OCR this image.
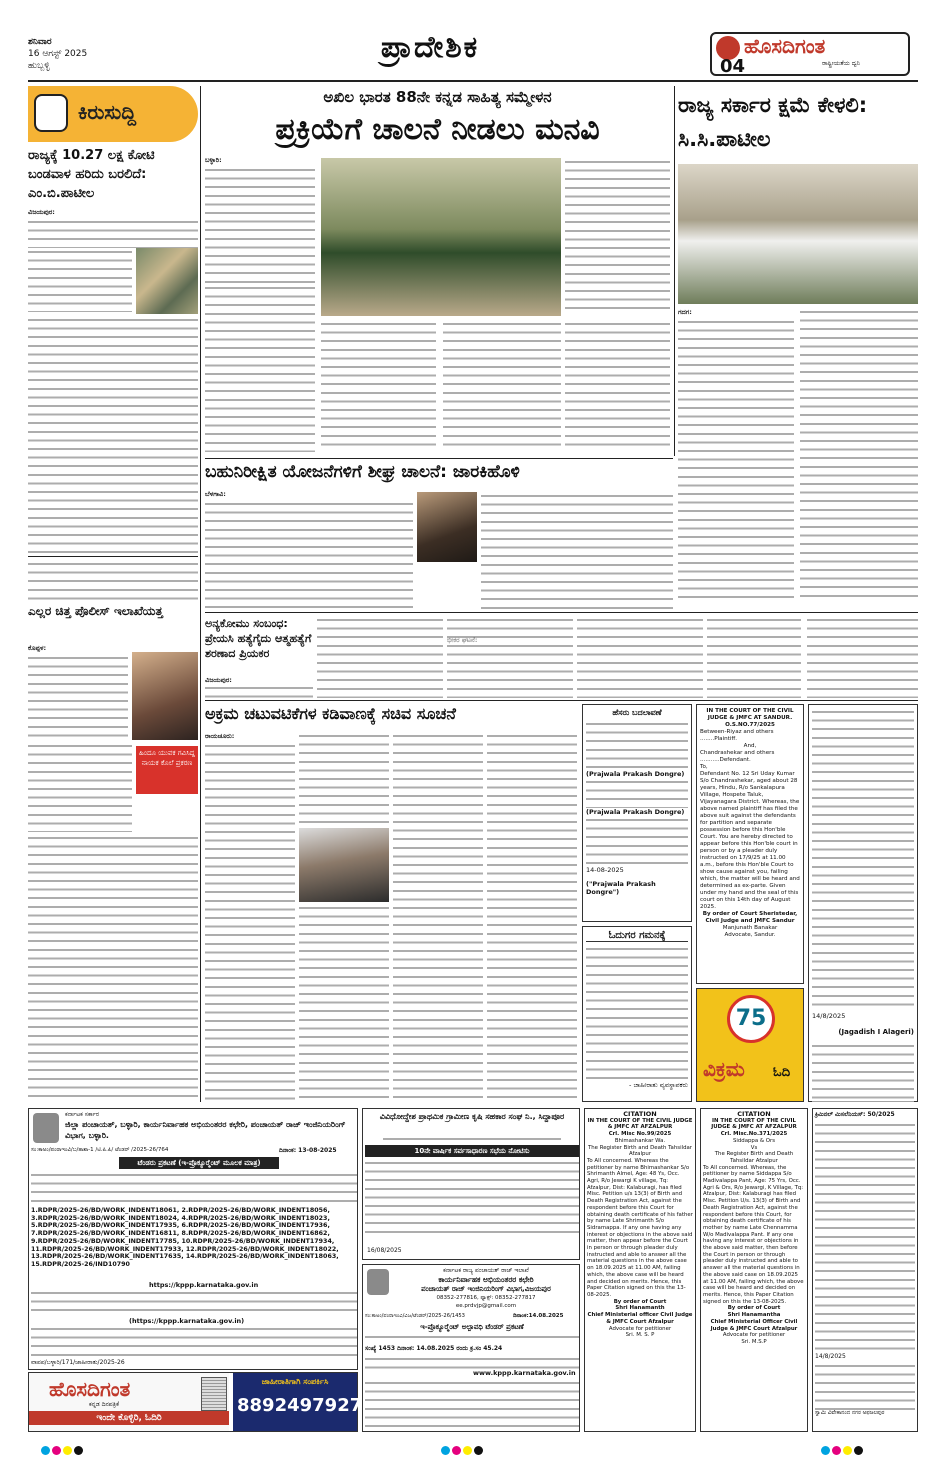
ಶನಿವಾರ
16 ಆಗಸ್ಟ್ 2025
ಹುಬ್ಬಳ್ಳಿ
ಪ್ರಾದೇಶಿಕ	ಹೊಸದಿಗಂತ
ರಾಷ್ಟ್ರೀಯತೆಯ ದ್ವನಿ
04
ಕಿರುಸುದ್ದಿ
ರಾಜ್ಯಕ್ಕೆ 10.27 ಲಕ್ಷ ಕೋಟಿ ಬಂಡವಾಳ ಹರಿದು ಬರಲಿದೆ: ಎಂ.ಬಿ.ಪಾಟೀಲ
ವಿಜಯಪುರ:
ಎಲ್ಲರ ಚಿತ್ತ ಪೊಲೀಸ್ ಇಲಾಖೆಯತ್ತ
ಕೊಪ್ಪಳ:
ಹಿಂದೂ ಯುವಕ ಗವಿಸಿದ್ದ ನಾಯಕ ಕೊಲೆ ಪ್ರಕರಣ
ಅಖಿಲ ಭಾರತ 88ನೇ ಕನ್ನಡ ಸಾಹಿತ್ಯ ಸಮ್ಮೇಳನ
ಪ್ರಕ್ರಿಯೆಗೆ ಚಾಲನೆ ನೀಡಲು ಮನವಿ
ಬಳ್ಳಾರಿ:
ರಾಜ್ಯ ಸರ್ಕಾರ ಕ್ಷಮೆ ಕೇಳಲಿ: ಸಿ.ಸಿ.ಪಾಟೀಲ
ಗದಗ:
ಬಹುನಿರೀಕ್ಷಿತ ಯೋಜನೆಗಳಿಗೆ ಶೀಘ್ರ ಚಾಲನೆ: ಜಾರಕಿಹೊಳಿ
ಬೆಳಗಾವಿ:
ಅನ್ಯಕೋಮು ಸಂಬಂಧ: ಪ್ರೇಯಸಿ ಹತ್ಯೆಗೈದು ಆತ್ಮಹತ್ಯೆಗೆ ಶರಣಾದ ಪ್ರಿಯಕರ
ವಿಜಯಪುರ:
ಅಕ್ರಮ ಚಟುವಟಿಕೆಗಳ ಕಡಿವಾಣಕ್ಕೆ ಸಚಿವ ಸೂಚನೆ
ರಾಯಚೂರು:
ಹೆಸರು ಬದಲಾವಣೆ
(Prajwala Prakash Dongre)
(Prajwala Prakash Dongre)
14-08-2025
("Prajwala Prakash Dongre")
IN THE COURT OF THE CIVIL JUDGE & JMFC AT SANDUR.
O.S.NO.77/2025
Between-Riyaz and others
........Plaintiff.
And,
Chandrashekar and others
...........Defendant.
To,
Defendant No. 12 Sri Uday Kumar S/o Chandrashekar, aged about 28 years, Hindu, R/o Sankalapura Village, Hospete Taluk, Vijayanagara District. Whereas, the above named plaintiff has filed the above suit against the defendants for partition and separate possession before this Hon'ble Court. You are hereby directed to appear before this Hon'ble court in person or by a pleader duly instructed on 17/9/25 at 11.00 a.m., before this Hon'ble Court to show cause against you, failing which, the matter will be heard and determined as ex-parte. Given under my hand and the seal of this court on this 14th day of August 2025.
By order of Court Sheristedar,
Civil Judge and JMFC Sandur
Manjunath Banakar
Advocate, Sandur.
ಓದುಗರ ಗಮನಕ್ಕೆ
- ಜಾಹೀರಾತು ವ್ಯವಸ್ಥಾಪಕರು
75
ವಿಕ್ರಮ	ಓದಿ
14/8/2025
(Jagadish I Alageri)
ಕರ್ನಾಟಕ ಸರ್ಕಾರ
ಜಿಲ್ಲಾ ಪಂಚಾಯತ್, ಬಳ್ಳಾರಿ, ಕಾರ್ಯನಿರ್ವಾಹಕ ಅಭಿಯಂತರರ ಕಛೇರಿ, ಪಂಚಾಯತ್ ರಾಜ್ ಇಂಜಿನಿಯರಿಂಗ್ ವಿಭಾಗ, ಬಳ್ಳಾರಿ.
ಸಂ:ಕಾಅಂ/ಪಂರಾಇಂವಿ/ಬ/ತಾಶಾ-1 /ಟಿ.ಪಿ.ಪಿ/ ಟೆಂಡರ್ /2025-26/764	ದಿನಾಂಕ: 13-08-2025
ಟೆಂಡರು ಪ್ರಕಟಣೆ (ಇ-ಪ್ರೊಕ್ಯೂರ್‍ಮೆಂಟ್ ಮೂಲಕ ಮಾತ್ರ)
1.RDPR/2025-26/BD/WORK_INDENT18061, 2.RDPR/2025-26/BD/WORK_INDENT18056, 3.RDPR/2025-26/BD/WORK_INDENT18024, 4.RDPR/2025-26/BD/WORK_INDENT18023, 5.RDPR/2025-26/BD/WORK_INDENT17935, 6.RDPR/2025-26/BD/WORK_INDENT17936, 7.RDPR/2025-26/BD/WORK_INDENT16811, 8.RDPR/2025-26/BD/WORK_INDENT16862, 9.RDPR/2025-26/BD/WORK_INDENT17785, 10.RDPR/2025-26/BD/WORK_INDENT17934, 11.RDPR/2025-26/BD/WORK_INDENT17933, 12.RDPR/2025-26/BD/WORK_INDENT18022, 13.RDPR/2025-26/BD/WORK_INDENT17635, 14.RDPR/2025-26/BD/WORK_INDENT18063, 15.RDPR/2025-26/IND10790
https://kppp.karnataka.gov.in
(https://kppp.karnataka.gov.in)
ವಾಪಪ/ಬಳ್ಳಾರಿ/171/ಜಾಹೀರಾತು/2025-26
ಹೊಸದಿಗಂತ
ಕನ್ನಡ ದಿನಪತ್ರಿಕೆ
ಇಂದೇ ಕೊಳ್ಳಿರಿ, ಓದಿರಿ
ಜಾಹೀರಾತಿಗಾಗಿ ಸಂಪರ್ಕಿಸಿ
8892497927
ವಿವಿಧೋದ್ದೇಶ ಪ್ರಾಥಮಿಕ ಗ್ರಾಮೀಣ ಕೃಷಿ ಸಹಕಾರ ಸಂಘ ನಿ., ಸಿದ್ದಾಪೂರ
10ನೇ ವಾರ್ಷಿಕ ಸರ್ವಸಾಧಾರಣ ಸಭೆಯ ನೋಟಿಸು
16/08/2025
ಕರ್ನಾಟಕ ರಾಜ್ಯ ಪಂಚಾಯತ್ ರಾಜ್ ಇಲಾಖೆ
ಕಾರ್ಯನಿರ್ವಾಹಕ ಅಭಿಯಂತರರ ಕಛೇರಿ
ಪಂಚಾಯತ್ ರಾಜ್ ಇಂಜಿನಿಯರಿಂಗ್ ವಿಭಾಗ,ವಿಜಯಪುರ
08352-277816, ಫ್ಯಾಕ್ಸ್: 08352-277817
ee.prdvjp@gmail.com
ಸಂ:ಕಾಅಂ/ಪಂರಾಇಂವಿ/ವಿಜ/ಟೆಂಡರ್/2025-26/1453	ದಿನಾಂಕ:14.08.2025
ಇ-ಪ್ರೊಕ್ಯೂರ್‍ಮೆಂಟ್ ಅಲ್ಪಾವಧಿ ಟೆಂಡರ್ ಪ್ರಕಟಣೆ
ಸಂಖ್ಯೆ 1453 ದಿನಾಂಕ: 14.08.2025 ರಂದು ಕ್ರ.ಸಂ 45.24
www.kppp.karnataka.gov.in
CITATION
IN THE COURT OF THE CIVIL JUDGE & JMFC AT AFZALPUR
Crl. Misc No.99/2025
Bhimashankar Wa.
The Register Birth and Death Tahsildar Afzalpur
To All concerned. Whereas the petitioner by name Bhimashankar S/o Shrimanth Almel, Age: 48 Ys, Occ. Agri, R/o Jewargi K village, Tq: Afzalpur, Dist: Kalaburagi, has filed Misc. Petition u/s 13(3) of Birth and Death Registration Act, against the respondent before this Court for obtaining death certificate of his father by name Late Shrimanth S/o Sidramappa. If any one having any interest or objections in the above said matter, then appear before the Court in person or through pleader duly instructed and able to answer all the material questions in the above case on 18.09.2025 at 11.00 AM, failing which, the above case will be heard and decided on merits. Hence, this Paper Citation signed on this the 13-08-2025.
By order of Court
Shri Hanamanth
Chief Ministerial officer Civil Judge & JMFC Court Afzalpur
Advocate for petitioner
Sri. M. S. P
CITATION
IN THE COURT OF THE CIVIL JUDGE & JMFC AT AFZALPUR
Crl. Misc.No.371/2025
Siddappa & Ors
Vs
The Register Birth and Death Tahsildar Afzalpur
To All concerned. Whereas, the petitioner by name Siddappa S/o Madivalappa Pant, Age: 75 Yrs, Occ. Agri & Ors, R/o Jewargi, K Village, Tq: Afzalpur, Dist: Kalaburagi has filed Misc. Petition U/s. 13(3) of Birth and Death Registration Act, against the respondent before this Court, for obtaining death certificate of his mother by name Late Chennamma W/o Madivalappa Pant. If any one having any interest or objections in the above said matter, then before the Court in person or through pleader duly instructed and able to answer all the material questions in the above said case on 18.09.2025 at 11.00 AM, failing which, the above case will be heard and decided on merits. Hence, this Paper Citation signed on this the 13-08-2025.
By order of Court
Shri Hanamantha
Chief Ministerial Officer Civil Judge & JMFC Court Afzalpur
Advocate for petitioner
Sri. M.S.P
ಕ್ರಿಮಿನಲ್ ಮಿಸಲೆನಿಯಸ್: 50/2025
14/8/2025
ಸ್ವಾಮಿ ವಿವೇಕಾನಂದ ನಗರ ಅಫಜಲಪುರ
